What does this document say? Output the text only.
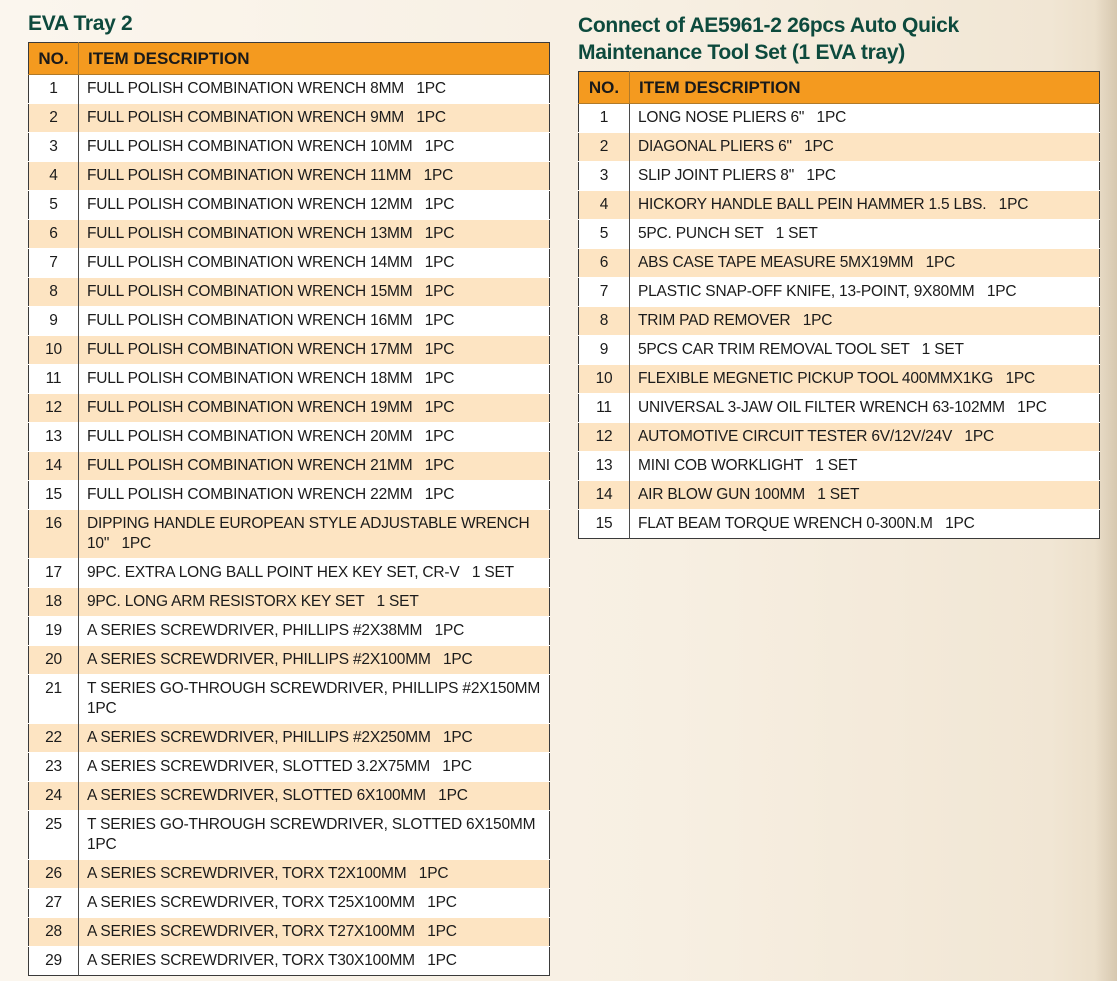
EVA Tray 2
NO.	ITEM DESCRIPTION
1	FULL POLISH COMBINATION WRENCH 8MM   1PC
2	FULL POLISH COMBINATION WRENCH 9MM   1PC
3	FULL POLISH COMBINATION WRENCH 10MM   1PC
4	FULL POLISH COMBINATION WRENCH 11MM   1PC
5	FULL POLISH COMBINATION WRENCH 12MM   1PC
6	FULL POLISH COMBINATION WRENCH 13MM   1PC
7	FULL POLISH COMBINATION WRENCH 14MM   1PC
8	FULL POLISH COMBINATION WRENCH 15MM   1PC
9	FULL POLISH COMBINATION WRENCH 16MM   1PC
10	FULL POLISH COMBINATION WRENCH 17MM   1PC
11	FULL POLISH COMBINATION WRENCH 18MM   1PC
12	FULL POLISH COMBINATION WRENCH 19MM   1PC
13	FULL POLISH COMBINATION WRENCH 20MM   1PC
14	FULL POLISH COMBINATION WRENCH 21MM   1PC
15	FULL POLISH COMBINATION WRENCH 22MM   1PC
16	DIPPING HANDLE EUROPEAN STYLE ADJUSTABLE WRENCH 10"   1PC
17	9PC. EXTRA LONG BALL POINT HEX KEY SET, CR-V   1 SET
18	9PC. LONG ARM RESISTORX KEY SET   1 SET
19	A SERIES SCREWDRIVER, PHILLIPS #2X38MM   1PC
20	A SERIES SCREWDRIVER, PHILLIPS #2X100MM   1PC
21	T SERIES GO-THROUGH SCREWDRIVER, PHILLIPS #2X150MM 1PC
22	A SERIES SCREWDRIVER, PHILLIPS #2X250MM   1PC
23	A SERIES SCREWDRIVER, SLOTTED 3.2X75MM   1PC
24	A SERIES SCREWDRIVER, SLOTTED 6X100MM   1PC
25	T SERIES GO-THROUGH SCREWDRIVER, SLOTTED 6X150MM   1PC
26	A SERIES SCREWDRIVER, TORX T2X100MM   1PC
27	A SERIES SCREWDRIVER, TORX T25X100MM   1PC
28	A SERIES SCREWDRIVER, TORX T27X100MM   1PC
29	A SERIES SCREWDRIVER, TORX T30X100MM   1PC
Connect of AE5961-2 26pcs Auto Quick
Maintenance Tool Set (1 EVA tray)
NO.	ITEM DESCRIPTION
1	LONG NOSE PLIERS 6"   1PC
2	DIAGONAL PLIERS 6"   1PC
3	SLIP JOINT PLIERS 8"   1PC
4	HICKORY HANDLE BALL PEIN HAMMER 1.5 LBS.   1PC
5	5PC. PUNCH SET   1 SET
6	ABS CASE TAPE MEASURE 5MX19MM   1PC
7	PLASTIC SNAP-OFF KNIFE, 13-POINT, 9X80MM   1PC
8	TRIM PAD REMOVER   1PC
9	5PCS CAR TRIM REMOVAL TOOL SET   1 SET
10	FLEXIBLE MEGNETIC PICKUP TOOL 400MMX1KG   1PC
11	UNIVERSAL 3-JAW OIL FILTER WRENCH 63-102MM   1PC
12	AUTOMOTIVE CIRCUIT TESTER 6V/12V/24V   1PC
13	MINI COB WORKLIGHT   1 SET
14	AIR BLOW GUN 100MM   1 SET
15	FLAT BEAM TORQUE WRENCH 0-300N.M   1PC
